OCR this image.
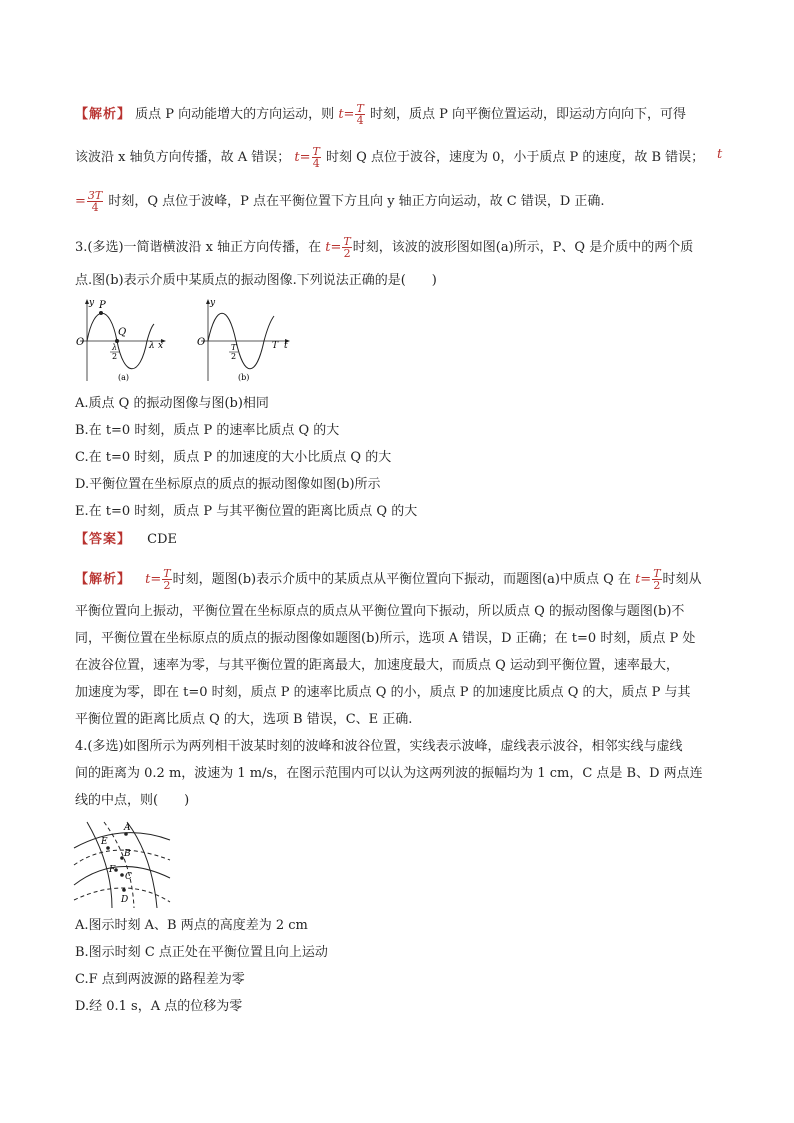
【解析】 质点 P 向动能增大的方向运动，则 $t= \frac{T}{4}$ 时刻，质点 P 向平衡位置运动，即运动方向向下，可得
该波沿 x 轴负方向传播，故 A 错误； $t= \frac{T}{4}$ 时刻 Q 点位于波谷，速度为 0，小于质点 P 的速度，故 B 错误； t
= $\frac{3T}{4}$ 时刻，Q 点位于波峰，P 点在平衡位置下方且向 y 轴正方向运动，故 C 错误，D 正确.
3.(多选)一简谐横波沿 x 轴正方向传播，在 $t= \frac{T}{2}$ 时刻，该波的波形图如图(a)所示，P、Q 是介质中的两个质
点.图(b)表示介质中某质点的振动图像.下列说法正确的是(　　)
y P
Q
O	λ
2
λ x
(a)
y
O	T
2
T t
(b)
A.质点 Q 的振动图像与图(b)相同
B.在 t=0 时刻，质点 P 的速率比质点 Q 的大
C.在 t=0 时刻，质点 P 的加速度的大小比质点 Q 的大
D.平衡位置在坐标原点的质点的振动图像如图(b)所示
E.在 t=0 时刻，质点 P 与其平衡位置的距离比质点 Q 的大
【答案】 CDE
【解析】 $t= \frac{T}{2}$ 时刻，题图(b)表示介质中的某质点从平衡位置向下振动，而题图(a)中质点 Q 在 $t= \frac{T}{2}$ 时刻从
平衡位置向上振动，平衡位置在坐标原点的质点从平衡位置向下振动，所以质点 Q 的振动图像与题图(b)不
同，平衡位置在坐标原点的质点的振动图像如题图(b)所示，选项 A 错误，D 正确；在 t=0 时刻，质点 P 处
在波谷位置，速率为零，与其平衡位置的距离最大，加速度最大，而质点 Q 运动到平衡位置，速率最大，
加速度为零，即在 t=0 时刻，质点 P 的速率比质点 Q 的小，质点 P 的加速度比质点 Q 的大，质点 P 与其
平衡位置的距离比质点 Q 的大，选项 B 错误，C、E 正确.
4.(多选)如图所示为两列相干波某时刻的波峰和波谷位置，实线表示波峰，虚线表示波谷，相邻实线与虚线
间的距离为 0.2 m，波速为 1 m/s，在图示范围内可以认为这两列波的振幅均为 1 cm，C 点是 B、D 两点连
线的中点，则(　　)
A
E
B
F
C
D
A.图示时刻 A、B 两点的高度差为 2 cm
B.图示时刻 C 点正处在平衡位置且向上运动
C.F 点到两波源的路程差为零
D.经 0.1 s，A 点的位移为零
